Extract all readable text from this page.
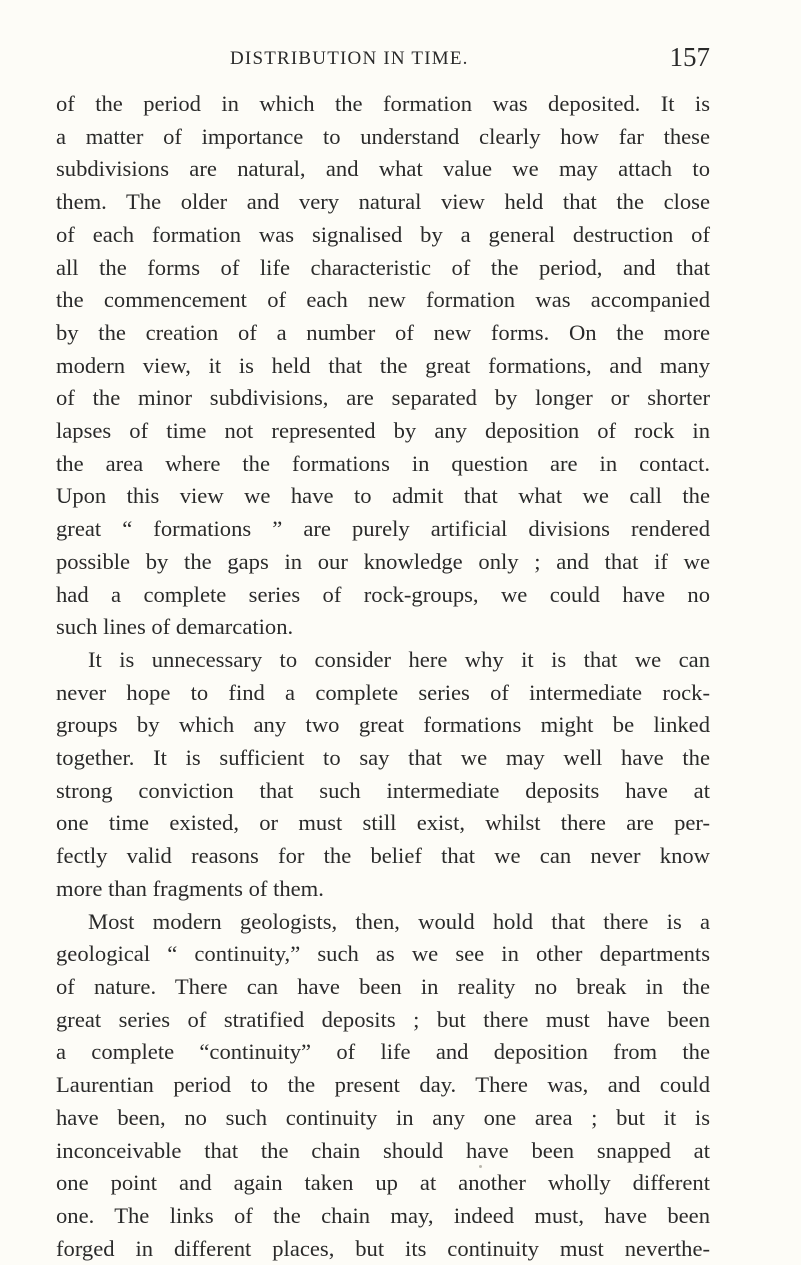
DISTRIBUTION IN TIME.	157
of the period in which the formation was deposited. It is
a matter of importance to understand clearly how far these
subdivisions are natural, and what value we may attach to
them. The older and very natural view held that the close
of each formation was signalised by a general destruction of
all the forms of life characteristic of the period, and that
the commencement of each new formation was accompanied
by the creation of a number of new forms. On the more
modern view, it is held that the great formations, and many
of the minor subdivisions, are separated by longer or shorter
lapses of time not represented by any deposition of rock in
the area where the formations in question are in contact.
Upon this view we have to admit that what we call the
great “ formations ” are purely artificial divisions rendered
possible by the gaps in our knowledge only ; and that if we
had a complete series of rock-groups, we could have no
such lines of demarcation.
It is unnecessary to consider here why it is that we can
never hope to find a complete series of intermediate rock-
groups by which any two great formations might be linked
together. It is sufficient to say that we may well have the
strong conviction that such intermediate deposits have at
one time existed, or must still exist, whilst there are per-
fectly valid reasons for the belief that we can never know
more than fragments of them.
Most modern geologists, then, would hold that there is a
geological “ continuity,” such as we see in other departments
of nature. There can have been in reality no break in the
great series of stratified deposits ; but there must have been
a complete “continuity” of life and deposition from the
Laurentian period to the present day. There was, and could
have been, no such continuity in any one area ; but it is
inconceivable that the chain should have been snapped at
one point and again taken up at another wholly different
one. The links of the chain may, indeed must, have been
forged in different places, but its continuity must neverthe-
